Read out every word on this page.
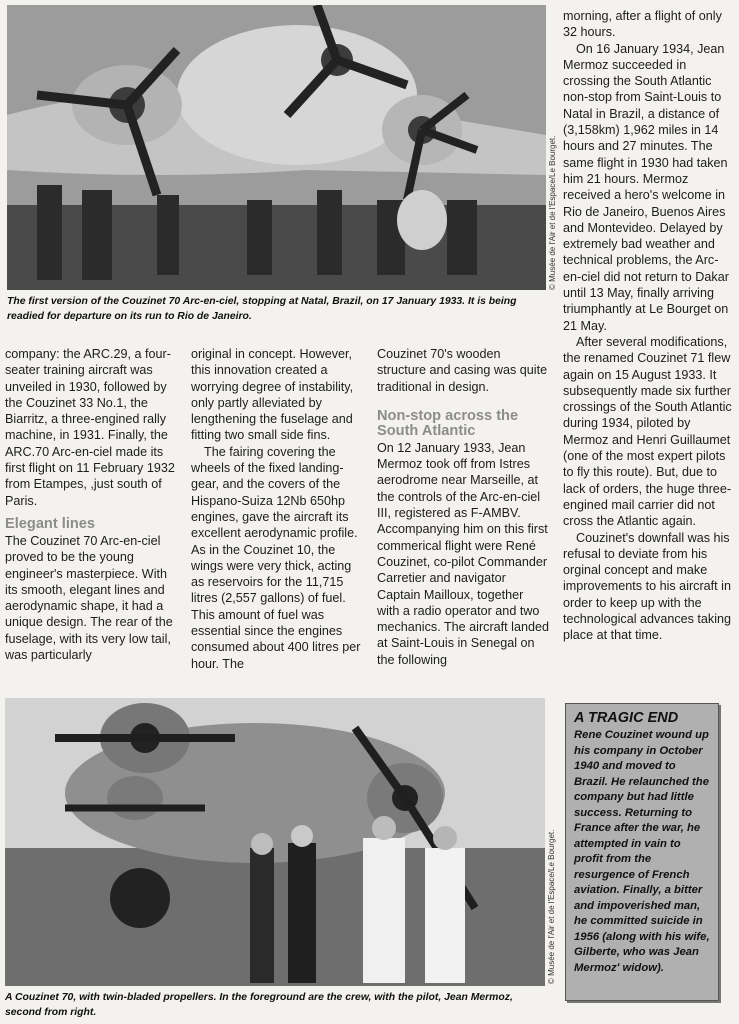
© Musée de l'Air et de l'Espace/Le Bourget.

The first version of the Couzinet 70 Arc-en-ciel, stopping at Natal, Brazil, on 17 January 1933. It is being readied for departure on its run to Rio de Janeiro.

company: the ARC.29, a four-seater training aircraft was unveiled in 1930, followed by the Couzinet 33 No.1, the Biarritz, a three-engined rally machine, in 1931. Finally, the ARC.70 Arc-en-ciel made its first flight on 11 February 1932 from Etampes, ,just south of Paris.

Elegant lines

The Couzinet 70 Arc-en-ciel proved to be the young engineer's masterpiece. With its smooth, elegant lines and aerodynamic shape, it had a unique design. The rear of the fuselage, with its very low tail, was particularly

original in concept. However, this innovation created a worrying degree of instability, only partly alleviated by lengthening the fuselage and fitting two small side fins.

The fairing covering the wheels of the fixed landing-gear, and the covers of the Hispano-Suiza 12Nb 650hp engines, gave the aircraft its excellent aerodynamic profile. As in the Couzinet 10, the wings were very thick, acting as reservoirs for the 11,715 litres (2,557 gallons) of fuel. This amount of fuel was essential since the engines consumed about 400 litres per hour. The

Couzinet 70's wooden structure and casing was quite traditional in design.

Non-stop across the South Atlantic

On 12 January 1933, Jean Mermoz took off from Istres aerodrome near Marseille, at the controls of the Arc-en-ciel III, registered as F-AMBV. Accompanying him on this first commerical flight were René Couzinet, co-pilot Commander Carretier and navigator Captain Mailloux, together with a radio operator and two mechanics. The aircraft landed at Saint-Louis in Senegal on the following

morning, after a flight of only 32 hours.

On 16 January 1934, Jean Mermoz succeeded in crossing the South Atlantic non-stop from Saint-Louis to Natal in Brazil, a distance of (3,158km) 1,962 miles in 14 hours and 27 minutes. The same flight in 1930 had taken him 21 hours. Mermoz received a hero's welcome in Rio de Janeiro, Buenos Aires and Montevideo. Delayed by extremely bad weather and technical problems, the Arc-en-ciel did not return to Dakar until 13 May, finally arriving triumphantly at Le Bourget on 21 May.

After several modifications, the renamed Couzinet 71 flew again on 15 August 1933. It subsequently made six further crossings of the South Atlantic during 1934, piloted by Mermoz and Henri Guillaumet (one of the most expert pilots to fly this route). But, due to lack of orders, the huge three-engined mail carrier did not cross the Atlantic again.

Couzinet's downfall was his refusal to deviate from his orginal concept and make improvements to his aircraft in order to keep up with the technological advances taking place at that time.

© Musée de l'Air et de l'Espace/Le Bourget.

A Couzinet 70, with twin-bladed propellers. In the foreground are the crew, with the pilot, Jean Mermoz, second from right.

A TRAGIC END

Rene Couzinet wound up his company in October 1940 and moved to Brazil. He relaunched the company but had little success. Returning to France after the war, he attempted in vain to profit from the resurgence of French aviation. Finally, a bitter and impoverished man, he committed suicide in 1956 (along with his wife, Gilberte, who was Jean Mermoz' widow).
